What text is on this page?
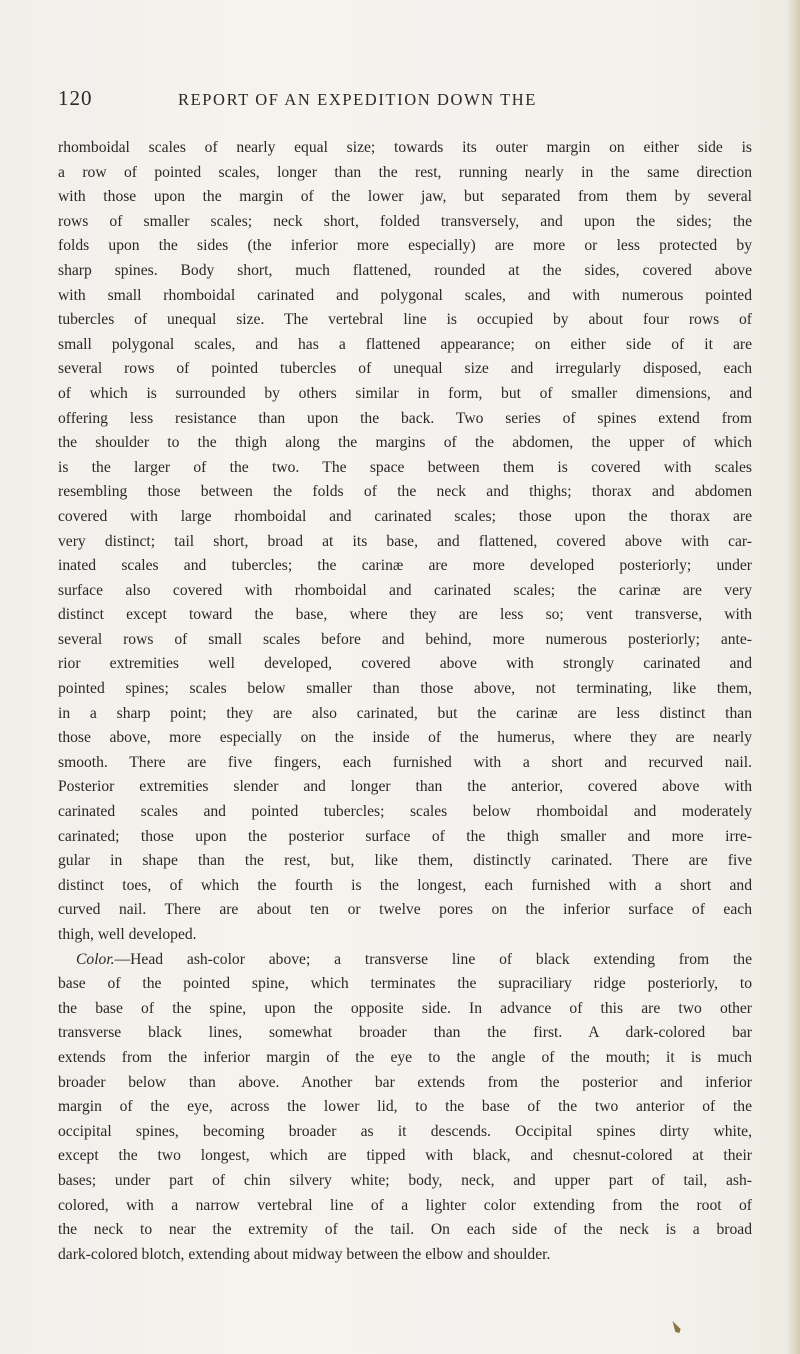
120	REPORT OF AN EXPEDITION DOWN THE
rhomboidal scales of nearly equal size; towards its outer margin on either side is
a row of pointed scales, longer than the rest, running nearly in the same direction
with those upon the margin of the lower jaw, but separated from them by several
rows of smaller scales; neck short, folded transversely, and upon the sides; the
folds upon the sides (the inferior more especially) are more or less protected by
sharp spines. Body short, much flattened, rounded at the sides, covered above
with small rhomboidal carinated and polygonal scales, and with numerous pointed
tubercles of unequal size. The vertebral line is occupied by about four rows of
small polygonal scales, and has a flattened appearance; on either side of it are
several rows of pointed tubercles of unequal size and irregularly disposed, each
of which is surrounded by others similar in form, but of smaller dimensions, and
offering less resistance than upon the back. Two series of spines extend from
the shoulder to the thigh along the margins of the abdomen, the upper of which
is the larger of the two. The space between them is covered with scales
resembling those between the folds of the neck and thighs; thorax and abdomen
covered with large rhomboidal and carinated scales; those upon the thorax are
very distinct; tail short, broad at its base, and flattened, covered above with car-
inated scales and tubercles; the carinæ are more developed posteriorly; under
surface also covered with rhomboidal and carinated scales; the carinæ are very
distinct except toward the base, where they are less so; vent transverse, with
several rows of small scales before and behind, more numerous posteriorly; ante-
rior extremities well developed, covered above with strongly carinated and
pointed spines; scales below smaller than those above, not terminating, like them,
in a sharp point; they are also carinated, but the carinæ are less distinct than
those above, more especially on the inside of the humerus, where they are nearly
smooth. There are five fingers, each furnished with a short and recurved nail.
Posterior extremities slender and longer than the anterior, covered above with
carinated scales and pointed tubercles; scales below rhomboidal and moderately
carinated; those upon the posterior surface of the thigh smaller and more irre-
gular in shape than the rest, but, like them, distinctly carinated. There are five
distinct toes, of which the fourth is the longest, each furnished with a short and
curved nail. There are about ten or twelve pores on the inferior surface of each
thigh, well developed.
Color.—Head ash-color above; a transverse line of black extending from the
base of the pointed spine, which terminates the supraciliary ridge posteriorly, to
the base of the spine, upon the opposite side. In advance of this are two other
transverse black lines, somewhat broader than the first. A dark-colored bar
extends from the inferior margin of the eye to the angle of the mouth; it is much
broader below than above. Another bar extends from the posterior and inferior
margin of the eye, across the lower lid, to the base of the two anterior of the
occipital spines, becoming broader as it descends. Occipital spines dirty white,
except the two longest, which are tipped with black, and chesnut-colored at their
bases; under part of chin silvery white; body, neck, and upper part of tail, ash-
colored, with a narrow vertebral line of a lighter color extending from the root of
the neck to near the extremity of the tail. On each side of the neck is a broad
dark-colored blotch, extending about midway between the elbow and shoulder.
